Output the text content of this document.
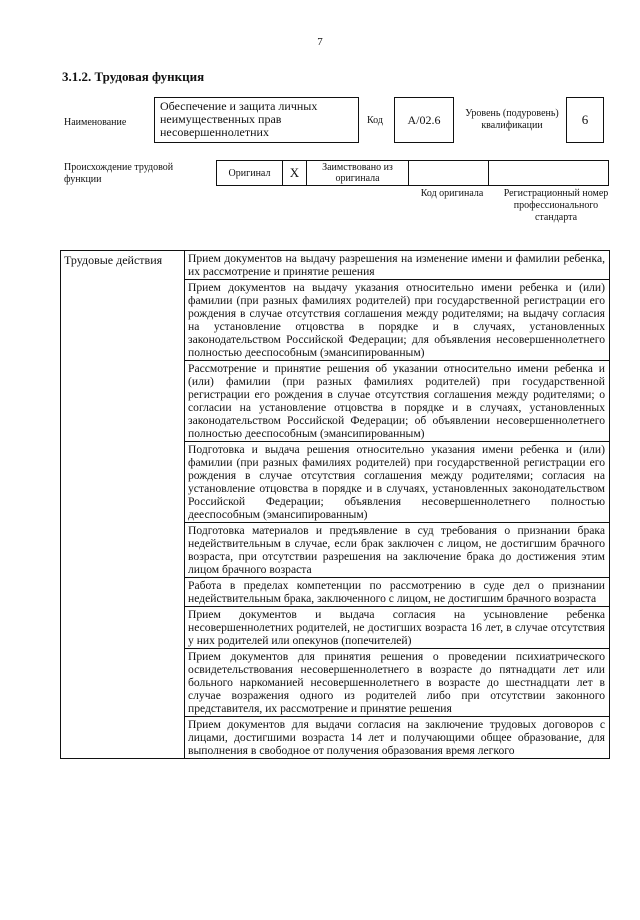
7
3.1.2. Трудовая функция
Наименование
Обеспечение и защита личных неимущественных прав несовершеннолетних
Код	А/02.6	Уровень (подуровень) квалификации	6
Происхождение трудовой функции
Оригинал	X	Заимствовано из оригинала		
Код оригинала	Регистрационный номер профессионального стандарта
Трудовые действия	Прием документов на выдачу разрешения на изменение имени и фамилии ребенка, их рассмотрение и принятие решения
Прием документов на выдачу указания относительно имени ребенка и (или) фамилии (при разных фамилиях родителей) при государственной регистрации его рождения в случае отсутствия соглашения между родителями; на выдачу согласия на установление отцовства в порядке и в случаях, установленных законодательством Российской Федерации; для объявления несовершеннолетнего полностью дееспособным (эмансипированным)
Рассмотрение и принятие решения об указании относительно имени ребенка и (или) фамилии (при разных фамилиях родителей) при государственной регистрации его рождения в случае отсутствия соглашения между родителями; о согласии на установление отцовства в порядке и в случаях, установленных законодательством Российской Федерации; об объявлении несовершеннолетнего полностью дееспособным (эмансипированным)
Подготовка и выдача решения относительно указания имени ребенка и (или) фамилии (при разных фамилиях родителей) при государственной регистрации его рождения в случае отсутствия соглашения между родителями; согласия на установление отцовства в порядке и в случаях, установленных законодательством Российской Федерации; объявления несовершеннолетнего полностью дееспособным (эмансипированным)
Подготовка материалов и предъявление в суд требования о признании брака недействительным в случае, если брак заключен с лицом, не достигшим брачного возраста, при отсутствии разрешения на заключение брака до достижения этим лицом брачного возраста
Работа в пределах компетенции по рассмотрению в суде дел о признании недействительным брака, заключенного с лицом, не достигшим брачного возраста
Прием документов и выдача согласия на усыновление ребенка несовершеннолетних родителей, не достигших возраста 16 лет, в случае отсутствия у них родителей или опекунов (попечителей)
Прием документов для принятия решения о проведении психиатрического освидетельствования несовершеннолетнего в возрасте до пятнадцати лет или больного наркоманией несовершеннолетнего в возрасте до шестнадцати лет в случае возражения одного из родителей либо при отсутствии законного представителя, их рассмотрение и принятие решения
Прием документов для выдачи согласия на заключение трудовых договоров с лицами, достигшими возраста 14 лет и получающими общее образование, для выполнения в свободное от получения образования время легкого
